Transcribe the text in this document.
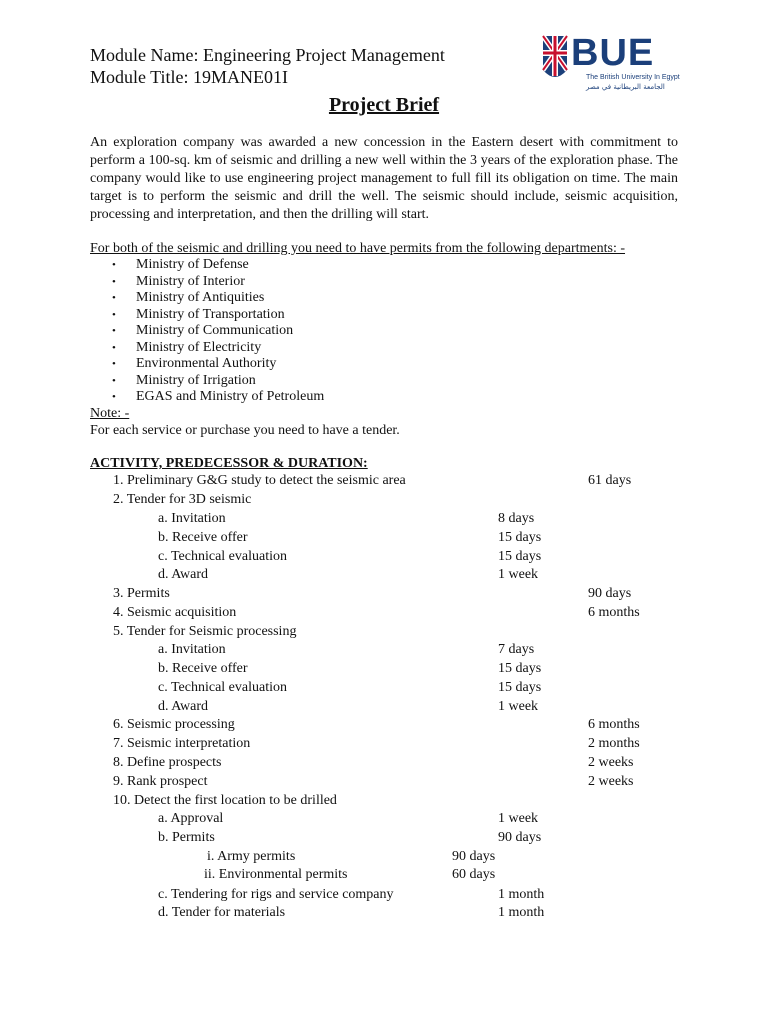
Module Name: Engineering Project Management
Module Title: 19MANE01I
BUE
The British University In Egypt
الجامعة البريطانية في مصر
Project Brief
An exploration company was awarded a new concession in the Eastern desert with commitment to perform a 100-sq. km of seismic and drilling a new well within the 3 years of the exploration phase. The company would like to use engineering project management to full fill its obligation on time. The main target is to perform the seismic and drill the well. The seismic should include, seismic acquisition, processing and interpretation, and then the drilling will start.
For both of the seismic and drilling you need to have permits from the following departments: -
• Ministry of Defense
• Ministry of Interior
• Ministry of Antiquities
• Ministry of Transportation
• Ministry of Communication
• Ministry of Electricity
• Environmental Authority
• Ministry of Irrigation
• EGAS and Ministry of Petroleum
Note: -
For each service or purchase you need to have a tender.
ACTIVITY, PREDECESSOR & DURATION:
1. Preliminary G&G study to detect the seismic area	61 days
2. Tender for 3D seismic
a. Invitation	8 days
b. Receive offer	15 days
c. Technical evaluation	15 days
d. Award	1 week
3. Permits	90 days
4. Seismic acquisition	6 months
5. Tender for Seismic processing
a. Invitation	7 days
b. Receive offer	15 days
c. Technical evaluation	15 days
d. Award	1 week
6. Seismic processing	6 months
7. Seismic interpretation	2 months
8. Define prospects	2 weeks
9. Rank prospect	2 weeks
10. Detect the first location to be drilled
a. Approval	1 week
b. Permits	90 days
i. Army permits	90 days
ii. Environmental permits	60 days
c. Tendering for rigs and service company	1 month
d. Tender for materials	1 month
